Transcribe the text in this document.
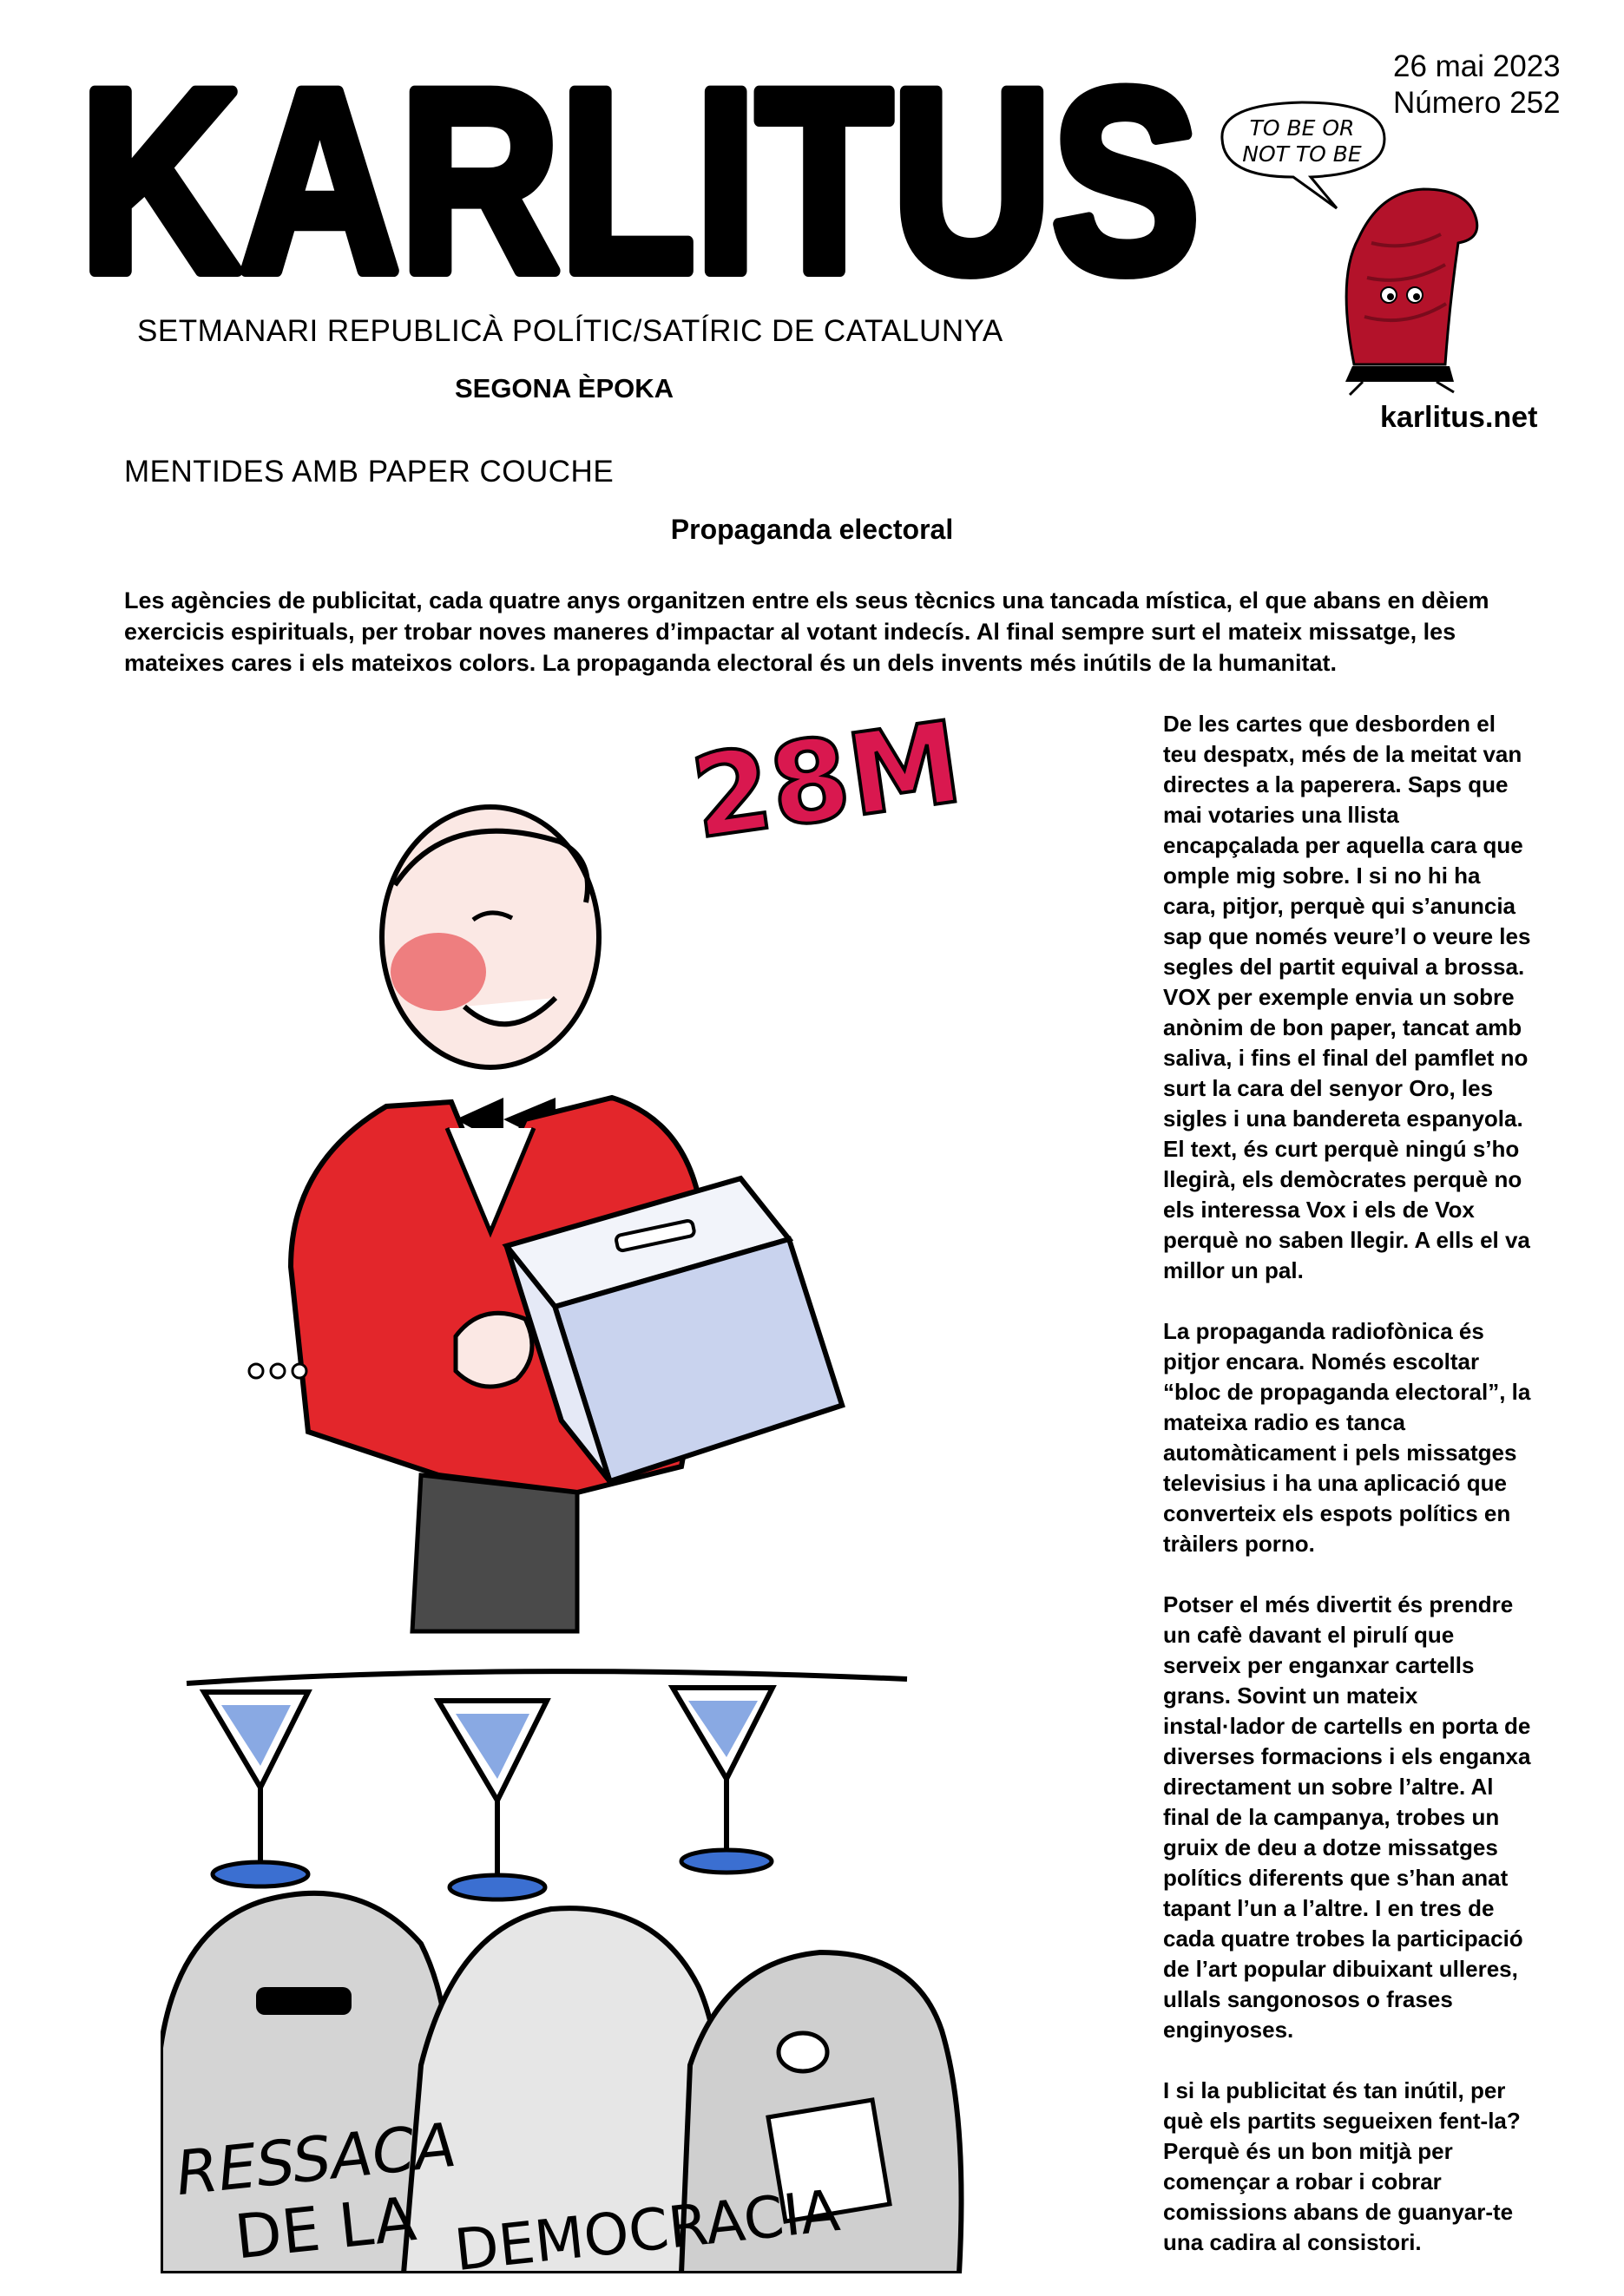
KARLITUS
SETMANARI REPUBLICÀ POLÍTIC/SATÍRIC DE CATALUNYA
SEGONA ÈPOKA
26 mai 2023
Número 252
karlitus.net
TO BE OR
NOT TO BE
MENTIDES AMB PAPER COUCHE
Propaganda electoral
Les agències de publicitat, cada quatre anys organitzen entre els seus tècnics una tancada mística, el que abans en dèiem exercicis espirituals, per trobar noves maneres d’impactar al votant indecís. Al final sempre surt el mateix missatge, les mateixes cares i els mateixos colors. La propaganda electoral és un dels invents més inútils de la humanitat.
28M
RESSACA
DE LA DEMOCRACIA

De les cartes que desborden el teu despatx, més de la meitat van directes a la paperera. Saps que mai votaries una llista encapçalada per aquella cara que omple mig sobre. I si no hi ha cara, pitjor, perquè qui s’anuncia sap que només veure’l o veure les segles del partit equival a brossa. VOX per exemple envia un sobre anònim de bon paper, tancat amb saliva, i fins el final del pamflet no surt la cara del senyor Oro, les sigles i una bandereta espanyola. El text, és curt perquè ningú s’ho llegirà, els demòcrates perquè no els interessa Vox i els de Vox perquè no saben llegir. A ells el va millor un pal.

La propaganda radiofònica és pitjor encara. Només escoltar “bloc de propaganda electoral”, la mateixa radio es tanca automàticament i pels missatges televisius i ha una aplicació que converteix els espots polítics en tràilers porno.

Potser el més divertit és prendre un cafè davant el pirulí que serveix per enganxar cartells grans. Sovint un mateix instal·lador de cartells en porta de diverses formacions i els enganxa directament un sobre l’altre. Al final de la campanya, trobes un gruix de deu a dotze missatges polítics diferents que s’han anat tapant l’un a l’altre. I en tres de cada quatre trobes la participació de l’art popular dibuixant ulleres, ullals sangonosos o frases enginyoses.

I si la publicitat és tan inútil, per què els partits segueixen fent-la? Perquè és un bon mitjà per començar a robar i cobrar comissions abans de guanyar-te una cadira al consistori.
